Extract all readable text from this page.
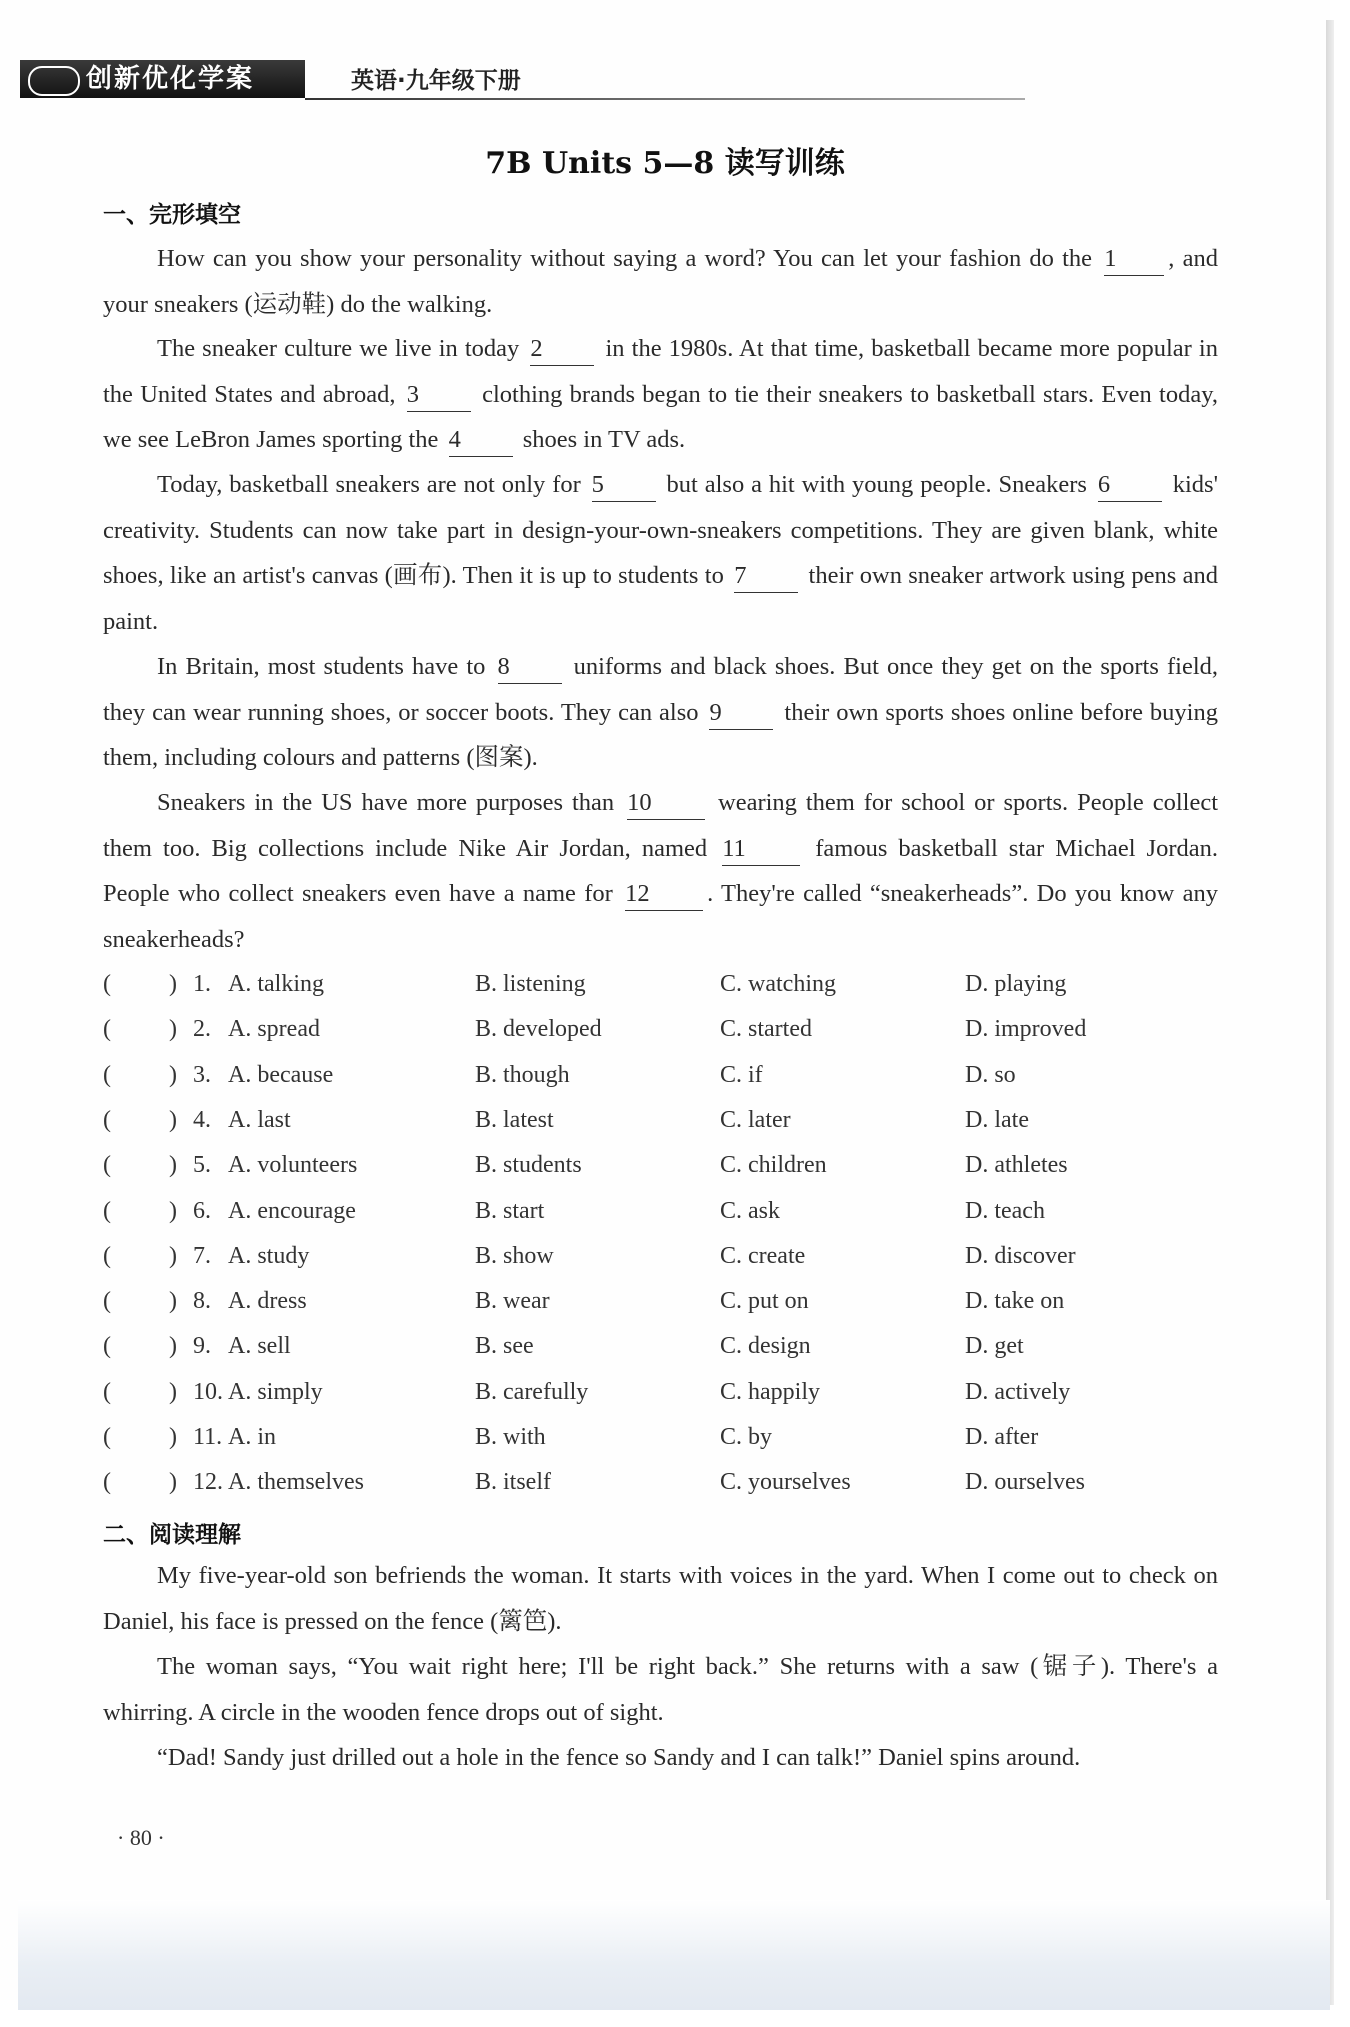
创新优化学案	英语·九年级下册
7B Units 5—8 读写训练
一、完形填空

How can you show your personality without saying a word? You can let your fashion do the 1 , and your sneakers (运动鞋) do the walking.

The sneaker culture we live in today 2 in the 1980s. At that time, basketball became more popular in the United States and abroad, 3 clothing brands began to tie their sneakers to basketball stars. Even today, we see LeBron James sporting the 4 shoes in TV ads.

Today, basketball sneakers are not only for 5 but also a hit with young people. Sneakers 6 kids' creativity. Students can now take part in design-your-own-sneakers competitions. They are given blank, white shoes, like an artist's canvas (画布). Then it is up to students to 7 their own sneaker artwork using pens and paint.

In Britain, most students have to 8 uniforms and black shoes. But once they get on the sports field, they can wear running shoes, or soccer boots. They can also 9 their own sports shoes online before buying them, including colours and patterns (图案).

Sneakers in the US have more purposes than 10 wearing them for school or sports. People collect them too. Big collections include Nike Air Jordan, named 11 famous basketball star Michael Jordan. People who collect sneakers even have a name for 12 . They're called “sneakerheads”. Do you know any sneakerheads?

( ) 1. A. talking	B. listening	C. watching	D. playing
( ) 2. A. spread	B. developed	C. started	D. improved
( ) 3. A. because	B. though	C. if	D. so
( ) 4. A. last	B. latest	C. later	D. late
( ) 5. A. volunteers	B. students	C. children	D. athletes
( ) 6. A. encourage	B. start	C. ask	D. teach
( ) 7. A. study	B. show	C. create	D. discover
( ) 8. A. dress	B. wear	C. put on	D. take on
( ) 9. A. sell	B. see	C. design	D. get
( ) 10. A. simply	B. carefully	C. happily	D. actively
( ) 11. A. in	B. with	C. by	D. after
( ) 12. A. themselves	B. itself	C. yourselves	D. ourselves
二、阅读理解

My five-year-old son befriends the woman. It starts with voices in the yard. When I come out to check on Daniel, his face is pressed on the fence (篱笆).

The woman says, “You wait right here; I'll be right back.” She returns with a saw (锯子). There's a whirring. A circle in the wooden fence drops out of sight.

“Dad! Sandy just drilled out a hole in the fence so Sandy and I can talk!” Daniel spins around.

· 80 ·
